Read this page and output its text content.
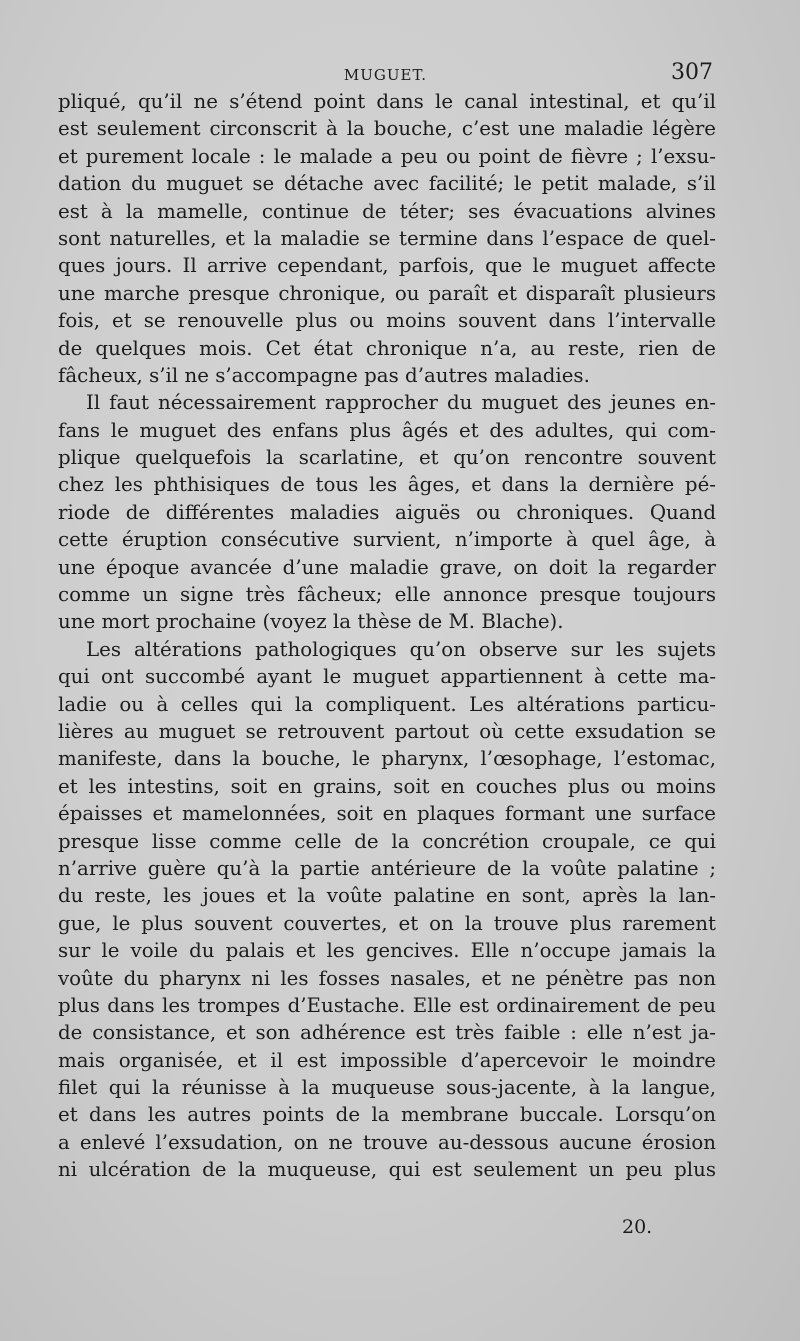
MUGUET.	307
pliqué, qu’il ne s’étend point dans le canal intestinal, et qu’il
est seulement circonscrit à la bouche, c’est une maladie légère
et purement locale : le malade a peu ou point de fièvre ; l’exsu-
dation du muguet se détache avec facilité; le petit malade, s’il
est à la mamelle, continue de téter; ses évacuations alvines
sont naturelles, et la maladie se termine dans l’espace de quel-
ques jours. Il arrive cependant, parfois, que le muguet affecte
une marche presque chronique, ou paraît et disparaît plusieurs
fois, et se renouvelle plus ou moins souvent dans l’intervalle
de quelques mois. Cet état chronique n’a, au reste, rien de
fâcheux, s’il ne s’accompagne pas d’autres maladies.
Il faut nécessairement rapprocher du muguet des jeunes en-
fans le muguet des enfans plus âgés et des adultes, qui com-
plique quelquefois la scarlatine, et qu’on rencontre souvent
chez les phthisiques de tous les âges, et dans la dernière pé-
riode de différentes maladies aiguës ou chroniques. Quand
cette éruption consécutive survient, n’importe à quel âge, à
une époque avancée d’une maladie grave, on doit la regarder
comme un signe très fâcheux; elle annonce presque toujours
une mort prochaine (voyez la thèse de M. Blache).
Les altérations pathologiques qu’on observe sur les sujets
qui ont succombé ayant le muguet appartiennent à cette ma-
ladie ou à celles qui la compliquent. Les altérations particu-
lières au muguet se retrouvent partout où cette exsudation se
manifeste, dans la bouche, le pharynx, l’œsophage, l’estomac,
et les intestins, soit en grains, soit en couches plus ou moins
épaisses et mamelonnées, soit en plaques formant une surface
presque lisse comme celle de la concrétion croupale, ce qui
n’arrive guère qu’à la partie antérieure de la voûte palatine ;
du reste, les joues et la voûte palatine en sont, après la lan-
gue, le plus souvent couvertes, et on la trouve plus rarement
sur le voile du palais et les gencives. Elle n’occupe jamais la
voûte du pharynx ni les fosses nasales, et ne pénètre pas non
plus dans les trompes d’Eustache. Elle est ordinairement de peu
de consistance, et son adhérence est très faible : elle n’est ja-
mais organisée, et il est impossible d’apercevoir le moindre
filet qui la réunisse à la muqueuse sous-jacente, à la langue,
et dans les autres points de la membrane buccale. Lorsqu’on
a enlevé l’exsudation, on ne trouve au-dessous aucune érosion
ni ulcération de la muqueuse, qui est seulement un peu plus
20.
